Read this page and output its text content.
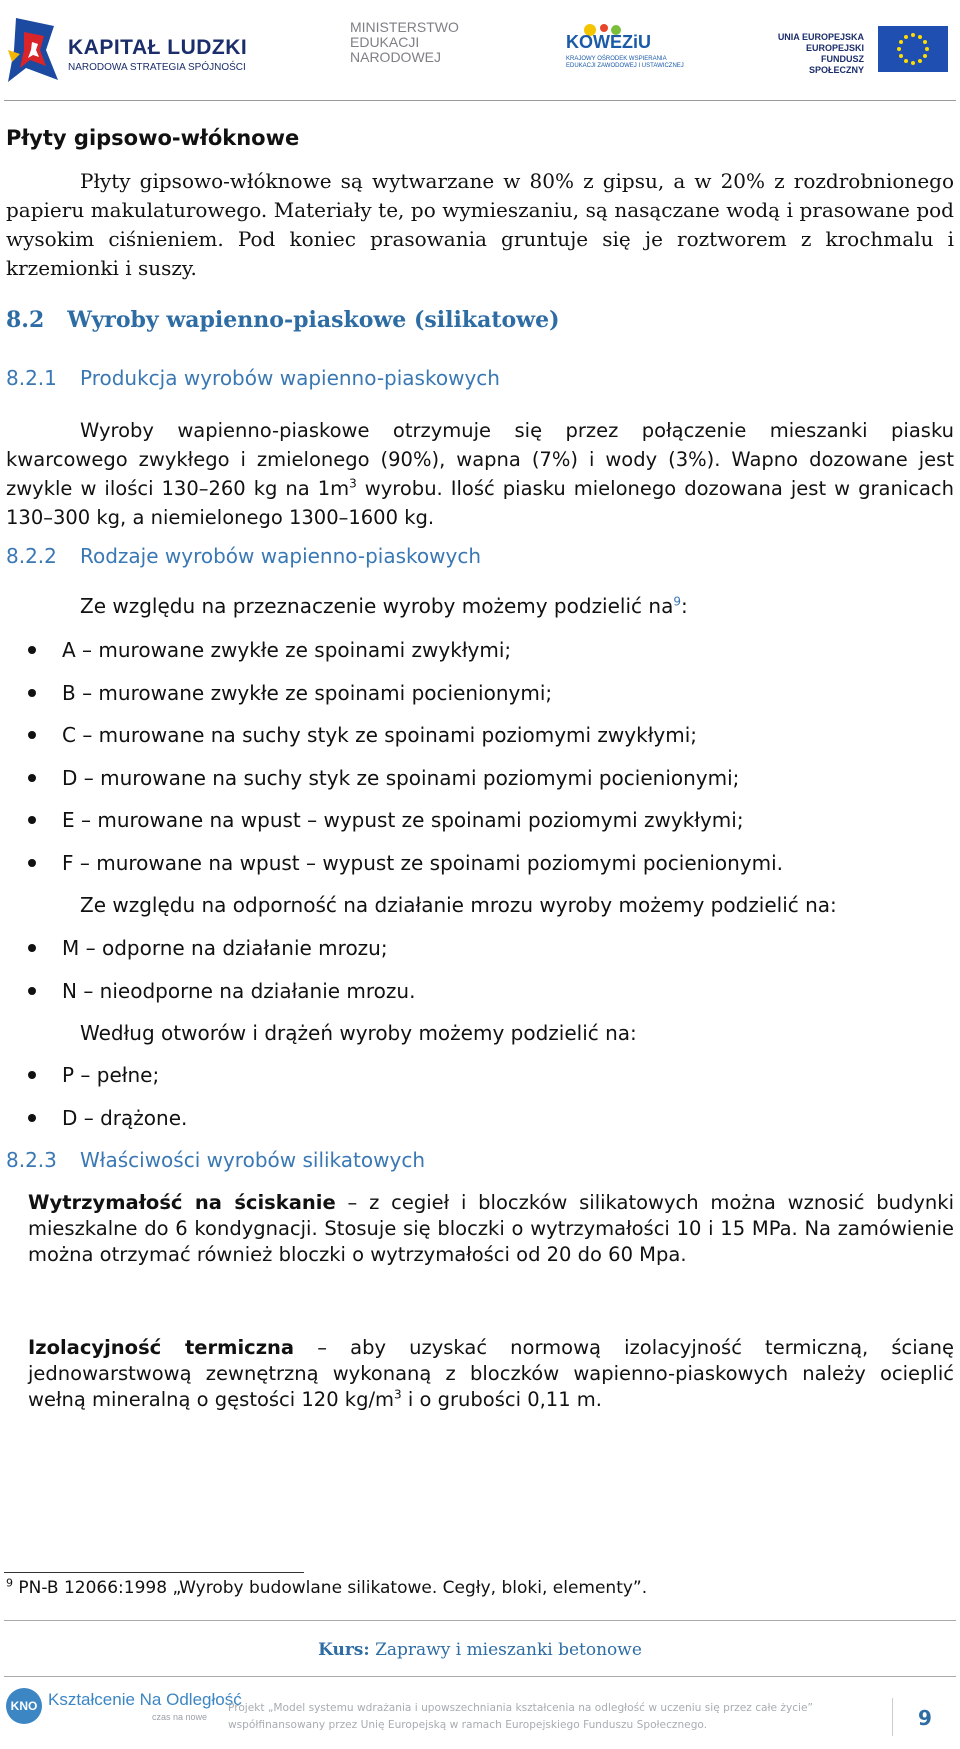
KAPITAŁ LUDZKI
NARODOWA STRATEGIA SPÓJNOŚCI
MINISTERSTWO
EDUKACJI
NARODOWEJ
KOWEZiU
KRAJOWY OŚRODEK WSPIERANIA
EDUKACJI ZAWODOWEJ I USTAWICZNEJ
UNIA EUROPEJSKA
EUROPEJSKI
FUNDUSZ SPOŁECZNY
Płyty gipsowo-włóknowe
Płyty gipsowo-włóknowe są wytwarzane w 80% z gipsu, a w 20% z rozdrobnionego papieru makulaturowego. Materiały te, po wymieszaniu, są nasączane wodą i prasowane pod wysokim ciśnieniem. Pod koniec prasowania gruntuje się je roztworem z krochmalu i krzemionki i suszy.
8.2   Wyroby wapienno-piaskowe (silikatowe)
8.2.1 Produkcja wyrobów wapienno-piaskowych
Wyroby wapienno-piaskowe otrzymuje się przez połączenie mieszanki piasku kwarcowego zwykłego i zmielonego (90%), wapna (7%) i wody (3%). Wapno dozowane jest zwykle w ilości 130–260 kg na $1m^3$ wyrobu. Ilość piasku mielonego dozowana jest w granicach 130–300 kg, a niemielonego 1300–1600 kg.
8.2.2 Rodzaje wyrobów wapienno-piaskowych
Ze względu na przeznaczenie wyroby możemy podzielić $na^9$:
A – murowane zwykłe ze spoinami zwykłymi;
B – murowane zwykłe ze spoinami pocienionymi;
C – murowane na suchy styk ze spoinami poziomymi zwykłymi;
D – murowane na suchy styk ze spoinami poziomymi pocienionymi;
E – murowane na wpust – wypust ze spoinami poziomymi zwykłymi;
F – murowane na wpust – wypust ze spoinami poziomymi pocienionymi.
Ze względu na odporność na działanie mrozu wyroby możemy podzielić na:
M – odporne na działanie mrozu;
N – nieodporne na działanie mrozu.
Według otworów i drążeń wyroby możemy podzielić na:
P – pełne;
D – drążone.
8.2.3 Właściwości wyrobów silikatowych
Wytrzymałość na ściskanie – z cegieł i bloczków silikatowych można wznosić budynki mieszkalne do 6 kondygnacji. Stosuje się bloczki o wytrzymałości 10 i 15 MPa. Na zamówienie można otrzymać również bloczki o wytrzymałości od 20 do 60 Mpa.
Izolacyjność termiczna – aby uzyskać normową izolacyjność termiczną, ścianę jednowarstwową zewnętrzną wykonaną z bloczków wapienno-piaskowych należy ocieplić wełną mineralną o gęstości 120 $kg/m^3$ i o grubości 0,11 m.
$^9$ PN-B 12066:1998 „Wyroby budowlane silikatowe. Cegły, bloki, elementy”.
Kurs: Zaprawy i mieszanki betonowe
KNO Kształcenie Na Odległość
czas na nowe
Projekt „Model systemu wdrażania i upowszechniania kształcenia na odległość w uczeniu się przez całe życie”
współfinansowany przez Unię Europejską w ramach Europejskiego Funduszu Społecznego.	9
